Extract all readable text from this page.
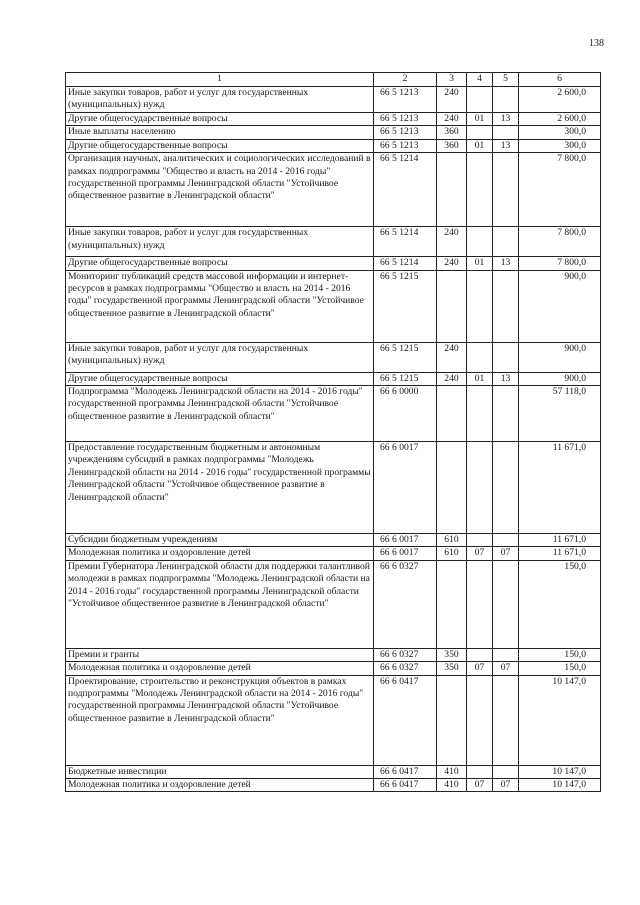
138
1	2	3	4	5	6
Иные закупки товаров, работ и услуг для государственных (муниципальных) нужд	66 5 1213	240			2 600,0
Другие общегосударственные вопросы	66 5 1213	240	01	13	2 600,0
Иные выплаты населению	66 5 1213	360			300,0
Другие общегосударственные вопросы	66 5 1213	360	01	13	300,0
Организация научных, аналитических и социологических исследований в рамках подпрограммы "Общество и власть на 2014 - 2016 годы" государственной программы Ленинградской области "Устойчивое общественное развитие в Ленинградской области"	66 5 1214				7 800,0
Иные закупки товаров, работ и услуг для государственных (муниципальных) нужд	66 5 1214	240			7 800,0
Другие общегосударственные вопросы	66 5 1214	240	01	13	7 800,0
Мониторинг публикаций средств массовой информации и интернет-ресурсов в рамках подпрограммы "Общество и власть на 2014 - 2016 годы" государственной программы Ленинградской области "Устойчивое общественное развитие в Ленинградской области"	66 5 1215				900,0
Иные закупки товаров, работ и услуг для государственных (муниципальных) нужд	66 5 1215	240			900,0
Другие общегосударственные вопросы	66 5 1215	240	01	13	900,0
Подпрограмма "Молодежь Ленинградской области на 2014 - 2016 годы" государственной программы Ленинградской области "Устойчивое общественное развитие в Ленинградской области"	66 6 0000				57 118,0
Предоставление государственным бюджетным и автономным учреждениям субсидий в рамках подпрограммы "Молодежь Ленинградской области на 2014 - 2016 годы" государственной программы Ленинградской области "Устойчивое общественное развитие в Ленинградской области"	66 6 0017				11 671,0
Субсидии бюджетным учреждениям	66 6 0017	610			11 671,0
Молодежная политика и оздоровление детей	66 6 0017	610	07	07	11 671,0
Премии Губернатора Ленинградской области для поддержки талантливой молодежи в рамках подпрограммы "Молодежь Ленинградской области на 2014 - 2016 годы" государственной программы Ленинградской области "Устойчивое общественное развитие в Ленинградской области"	66 6 0327				150,0
Премии и гранты	66 6 0327	350			150,0
Молодежная политика и оздоровление детей	66 6 0327	350	07	07	150,0
Проектирование, строительство и реконструкция объектов в рамках подпрограммы "Молодежь Ленинградской области на 2014 - 2016 годы" государственной программы Ленинградской области "Устойчивое общественное развитие в Ленинградской области"	66 6 0417				10 147,0
Бюджетные инвестиции	66 6 0417	410			10 147,0
Молодежная политика и оздоровление детей	66 6 0417	410	07	07	10 147,0
